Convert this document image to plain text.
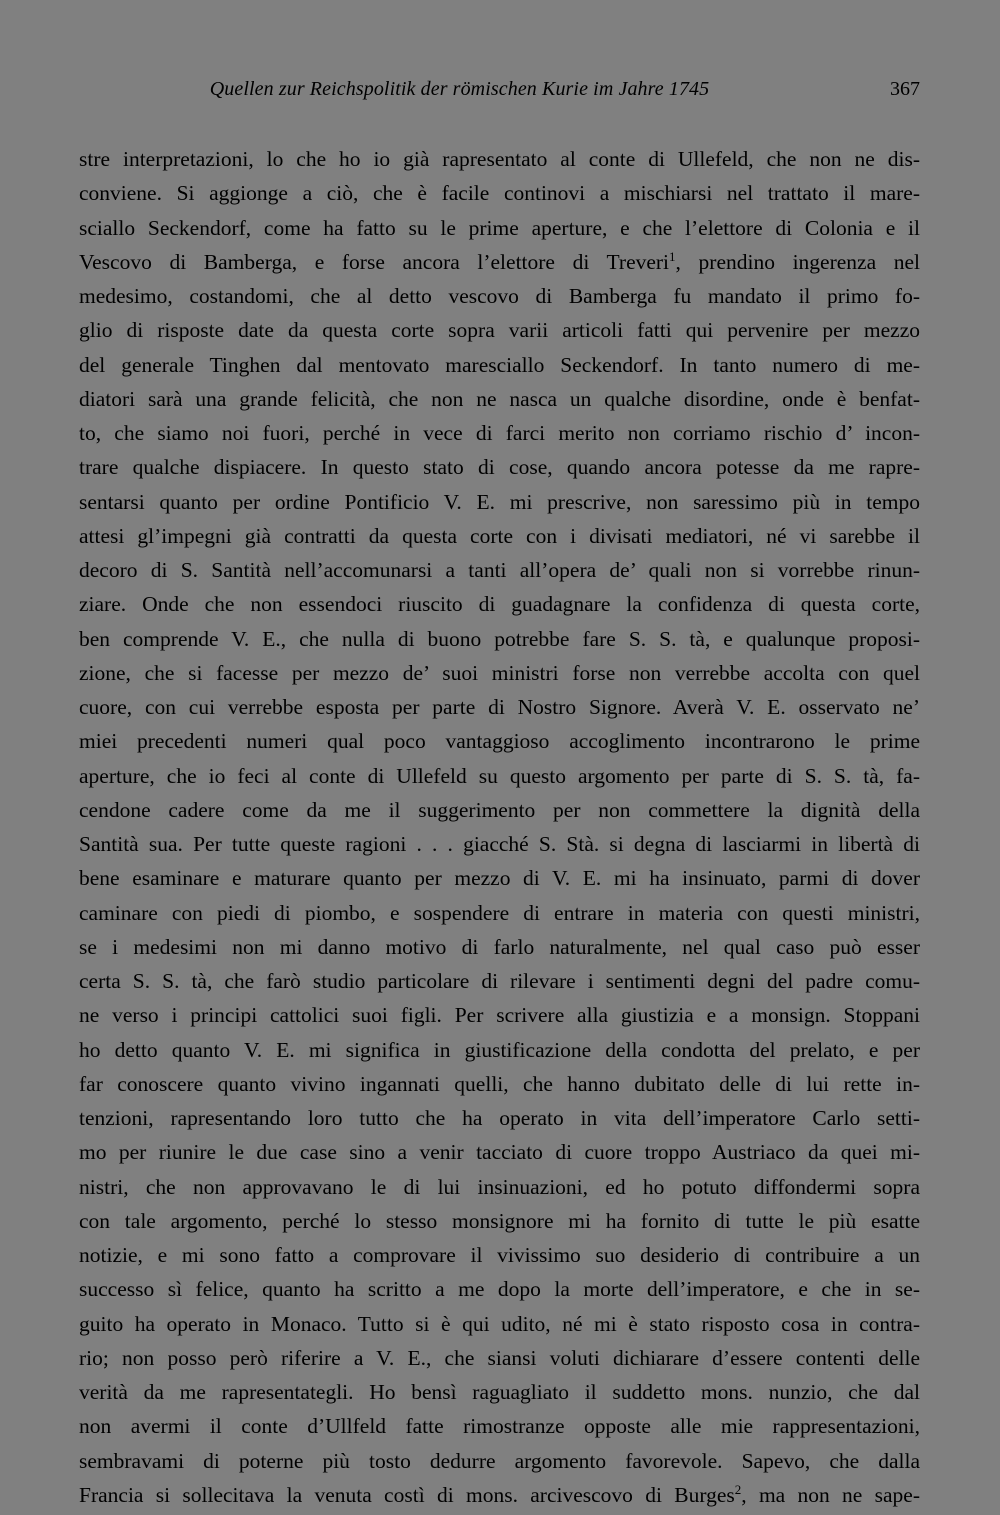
Quellen zur Reichspolitik der römischen Kurie im Jahre 1745	367
stre interpretazioni, lo che ho io già rapresentato al conte di Ullefeld, che non ne dis-
conviene. Si aggionge a ciò, che è facile continovi a mischiarsi nel trattato il mare-
sciallo Seckendorf, come ha fatto su le prime aperture, e che l’elettore di Colonia e il
Vescovo di Bamberga, e forse ancora l’elettore di Treveri$^1$, prendino ingerenza nel
medesimo, costandomi, che al detto vescovo di Bamberga fu mandato il primo fo-
glio di risposte date da questa corte sopra varii articoli fatti qui pervenire per mezzo
del generale Tinghen dal mentovato maresciallo Seckendorf. In tanto numero di me-
diatori sarà una grande felicità, che non ne nasca un qualche disordine, onde è benfat-
to, che siamo noi fuori, perché in vece di farci merito non corriamo rischio d’ incon-
trare qualche dispiacere. In questo stato di cose, quando ancora potesse da me rapre-
sentarsi quanto per ordine Pontificio V. E. mi prescrive, non saressimo più in tempo
attesi gl’impegni già contratti da questa corte con i divisati mediatori, né vi sarebbe il
decoro di S. Santità nell’accomunarsi a tanti all’opera de’ quali non si vorrebbe rinun-
ziare. Onde che non essendoci riuscito di guadagnare la confidenza di questa corte,
ben comprende V. E., che nulla di buono potrebbe fare S. S. tà, e qualunque proposi-
zione, che si facesse per mezzo de’ suoi ministri forse non verrebbe accolta con quel
cuore, con cui verrebbe esposta per parte di Nostro Signore. Averà V. E. osservato ne’
miei precedenti numeri qual poco vantaggioso accoglimento incontrarono le prime
aperture, che io feci al conte di Ullefeld su questo argomento per parte di S. S. tà, fa-
cendone cadere come da me il suggerimento per non commettere la dignità della
Santità sua. Per tutte queste ragioni . . . giacché S. Stà. si degna di lasciarmi in libertà di
bene esaminare e maturare quanto per mezzo di V. E. mi ha insinuato, parmi di dover
caminare con piedi di piombo, e sospendere di entrare in materia con questi ministri,
se i medesimi non mi danno motivo di farlo naturalmente, nel qual caso può esser
certa S. S. tà, che farò studio particolare di rilevare i sentimenti degni del padre comu-
ne verso i principi cattolici suoi figli. Per scrivere alla giustizia e a monsign. Stoppani
ho detto quanto V. E. mi significa in giustificazione della condotta del prelato, e per
far conoscere quanto vivino ingannati quelli, che hanno dubitato delle di lui rette in-
tenzioni, rapresentando loro tutto che ha operato in vita dell’imperatore Carlo setti-
mo per riunire le due case sino a venir tacciato di cuore troppo Austriaco da quei mi-
nistri, che non approvavano le di lui insinuazioni, ed ho potuto diffondermi sopra
con tale argomento, perché lo stesso monsignore mi ha fornito di tutte le più esatte
notizie, e mi sono fatto a comprovare il vivissimo suo desiderio di contribuire a un
successo sì felice, quanto ha scritto a me dopo la morte dell’imperatore, e che in se-
guito ha operato in Monaco. Tutto si è qui udito, né mi è stato risposto cosa in contra-
rio; non posso però riferire a V. E., che siansi voluti dichiarare d’essere contenti delle
verità da me rapresentategli. Ho bensì raguagliato il suddetto mons. nunzio, che dal
non avermi il conte d’Ullfeld fatte rimostranze opposte alle mie rappresentazioni,
sembravami di poterne più tosto dedurre argomento favorevole. Sapevo, che dalla
Francia si sollecitava la venuta costì di mons. arcivescovo di Burges$^2$, ma non ne sape-
